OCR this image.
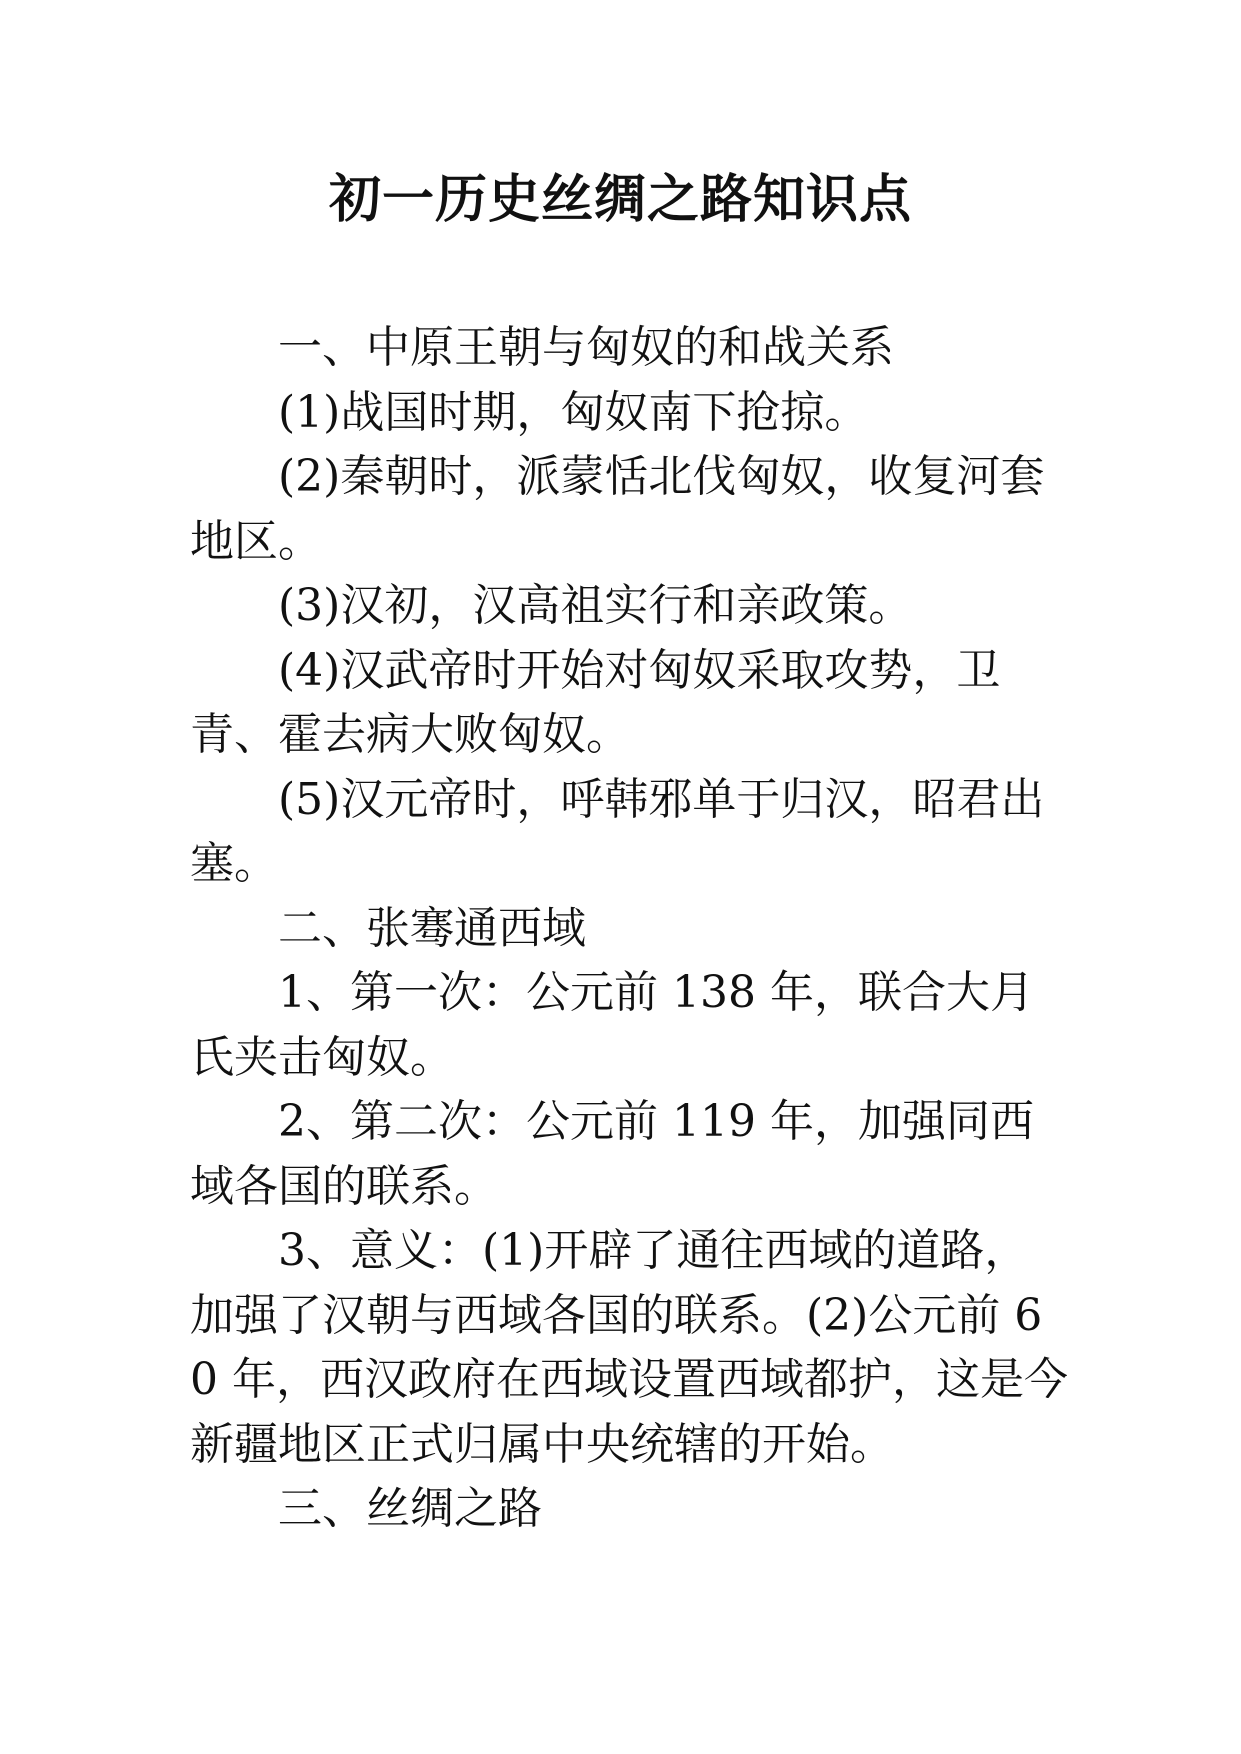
初一历史丝绸之路知识点

一、中原王朝与匈奴的和战关系

(1)战国时期，匈奴南下抢掠。

(2)秦朝时，派蒙恬北伐匈奴，收复河套地区。

(3)汉初，汉高祖实行和亲政策。

(4)汉武帝时开始对匈奴采取攻势，卫青、霍去病大败匈奴。

(5)汉元帝时，呼韩邪单于归汉，昭君出塞。

二、张骞通西域

1、第一次：公元前 138 年，联合大月氏夹击匈奴。

2、第二次：公元前 119 年，加强同西域各国的联系。

3、意义：(1)开辟了通往西域的道路，加强了汉朝与西域各国的联系。(2)公元前 60 年，西汉政府在西域设置西域都护，这是今新疆地区正式归属中央统辖的开始。

三、丝绸之路
